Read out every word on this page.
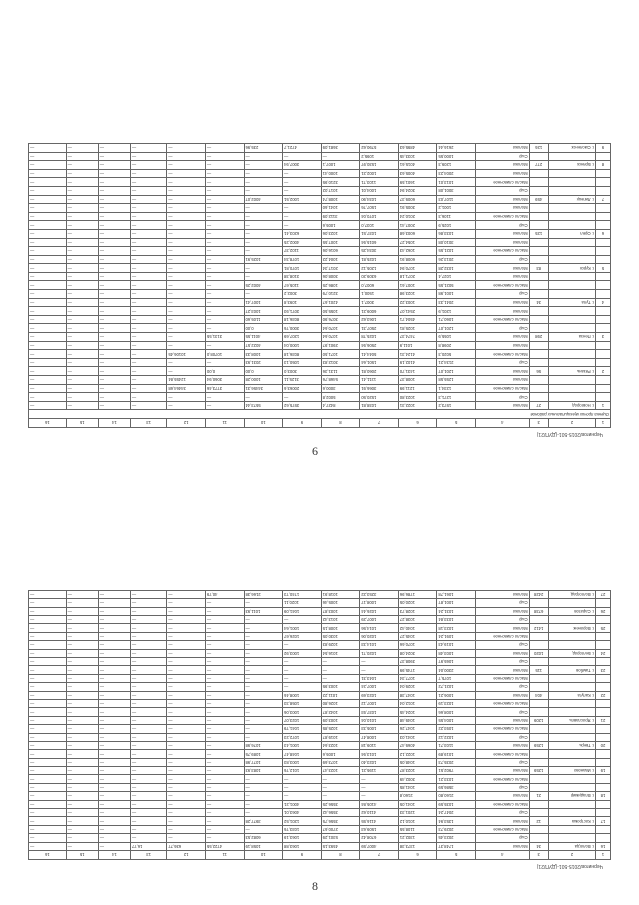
Чернигов/2015-501-(ДУП/21)
1	2	3	4	5	6	7	8	9	10	11	12	13	14	15	16
Оценка прочих муниципальных районов															
1	г. Новгород	27	Молоко	1573,2	1022,31	1038,81	8427,4	3575,62	5573,44	—	—	—	—	—	—
			Сыр	1271,3	1023,80	1520,50	5002,8	—	—	—	—	—	—	—	—
			Масло сливочное	1234,1	1211,99	3066,91	3000,6	20063,6	34456,31	3773,46	34464,68	—	—	—	—
			Молоко	1255,58	1008,37	1211,41	5468,76	3125,11	1000,28	3060,94	12455,84	—	—	—	—
2	г. Рязань	56	Молоко	1201,07	1431,70	2060,81	1131,36	3003,0	0,00	0,00	—	—	—	—	—
			Сыр	2134,21	4102,19	1501,64	3012,83	1050,13	2031,93	—	—	—	—	—	—
			Масло сливочное	5020,3	4124,31	5044,41	1071,50	8036,18	1008,33	10708,0	10106,45	—	—	—	—
			Молоко	2098,8	1011,9	2506,94	2901,97	1000,04	4022,57	—	—	—	—	—	—
3	г. Пенза	298	Молоко	1055,9	7474,37	1025,78	1070,64	1207,69	4011,55	3131,55	—	—	—	—	—
			Сыр	1201,07	1025,81	2507,31	1070,64	3000,76	0,00	—	—	—	—	—	—
			Масло сливочное	1060,71	4504,71	1063,62	3076,90	8036,18	1105,60	—	—	—	—	—	—
			Молоко	1201,9	2541,07	6009,21	1055,50	3071,93	1003,27	—	—	—	—	—	—
4	г. Тула	34	Молоко	2041,33	1003,22	3007,1	4201,67	1093,8	1007,41	—	—	—	—	—	—
			Сыр	1001,98	1023,98	1500,1	3210,79	3002,2	—	—	—	—	—	—	—
			Масло сливочное	5021,55	1007,61	6007,0	1086,25	1105,67	4002,25	—	—	—	—	—	—
			Молоко	1027,4	2071,18	6309,20	3008,06	3108,38	—	—	—	—	—	—	—
5	г. Курск	83	Молоко	1032,28	1070,94	1205,12	2017,34	1070,81	—	—	—	—	—	—	—
			Сыр	2013,26	6008,91	1025,81	1004,22	1078,34	1025,91	—	—	—	—	—	—
			Масло сливочное	1021,55	1062,43	3034,25	6016,06	1102,37	—	—	—	—	—	—	—
			Молоко	3010,08	1054,27	6015,94	1007,55	4002,25	—	—	—	—	—	—	—
6	г. Орёл	125	Молоко	1033,86	6003,68	1037,51	1023,06	6203,41	—	—	—	—	—	—	—
			Сыр	1025,9	2007,41	1037,0	1005,6	—	—	—	—	—	—	—	—
			Масло сливочное	1106,3	2010,24	1070,04	3112,09	—	—	—	—	—	—	—	—
			Молоко	1001,2	3005,91	1507,76	1041,60	—	—	—	—	—	—	—	—
7	г. Липецк	459	Молоко	1107,03	6009,37	1034,90	1008,74	1002,51	4002,07	—	—	—	—	—	—
			Сыр	3001,08	3024,94	1004,01	1017,02	—	—	—	—	—	—	—	—
			Масло сливочное	1013,01	1601,59	1103,71	3210,95	—	—	—	—	—	—	—	—
			Молоко	2004,23	4005,63	1002,21	1000,41	—	—	—	—	—	—	—	—
8	г. Брянск	277	Молоко	1209,3	4015,61	1530,97	1007,1	3007,94	—	—	—	—	—	—	—
			Сыр	1000,55	1033,45	1095,2	—	—	—	—	—	—	—	—	—
9	г. Смоленск	126	Молоко	2616,44	4895,63	5790,62	3681,09	4721,7	235,96	—	—	—	—	—	—
6
Чернигов/2015-501-(ДУП/21)
1	2	3	4	5	6	7	8	9	10	11	12	13	14	15	16
16	г. Вологда	34	Молоко	1748,37	1373,38	4007,59	4593,15	1063,88	1058,19	4722,55	636,77	16,77	—	—	—
			Сыр	2023,45	1302,21	6708,42	5301,29	1063,19	6082,53	—	—	—	—	—	—
			Масло сливочное	2029,73	1108,55	1509,63	2700,67	1033,76	—	—	—	—	—	—	—
17	г. Кострома	12	Молоко	1353,94	1010,12	4116,55	3556,75	1201,52	3977,28	—	—	—	—	—	—
			Сыр	2047,24	1201,33	4110,62	3556,42	4063,01	—	—	—	—	—	—	—
			Масло сливочное	1035,59	1041,05	4105,84	3556,25	4001,21	—	—	—	—	—	—	—
18	г. Владимир	21	Молоко	2160,80	2160,8	—	—	—	—	—	—	—	—	—	—
			Сыр	3586,59	1041,85	—	—	—	—	—	—	—	—	—	—
			Масло сливочное	1033,21	3002,49	—	—	—	—	—	—	—	—	—	—
19	г. Иваново	1259	Молоко	7902,51	1023,87	1195,21	1023,47	1012,76	1083,93	—	—	—	—	—	—
			Сыр	2035,73	1048,05	1023,40	1073,69	1003,83	1077,98	—	—	—	—	—	—
			Масло сливочное	1019,89	1022,12	1013,94	1005,6	1048,47	1089,75	—	—	—	—	—	—
20	г. Тверь	1259	Молоко	1103,71	4069,47	1109,18	1023,64	1001,43	1076,98	—	—	—	—	—	—
			Сыр	1022,12	1041,03	1008,47	1019,87	1072,23	—	—	—	—	—	—	—
			Масло сливочное	1093,22	1047,26	1005,33	1025,85	1041,79	—	—	—	—	—	—	—
21	г. Ярославль	1209	Молоко	1004,55	1049,48	1010,04	1003,09	1023,07	—	—	—	—	—	—	—
			Сыр	1008,66	1024,45	1037,93	1042,87	1003,06	—	—	—	—	—	—	—
			Масло сливочное	1023,19	1012,04	1007,12	1026,80	1058,33	—	—	—	—	—	—	—
22	г. Калуга	404	Молоко	1006,21	1047,38	1023,69	1011,22	1008,46	—	—	—	—	—	—	—
			Сыр	1021,72	1029,04	1007,24	1003,95	—	—	—	—	—	—	—	—
			Масло сливочное	1075,7	1077,34	1043,31	—	—	—	—	—	—	—	—	—
23	г. Тамбов	115	Молоко	2300,04	1745,99	—	—	—	—	—	—	—	—	—	—
			Сыр	1065,97	3908,37	—	—	—	—	—	—	—	—	—	—
24	г. Белгород	1020	Молоко	1003,48	3024,08	1020,71	1016,54	1003,92	—	—	—	—	—	—	—
			Сыр	1019,43	1070,66	1014,33	1029,83	—	—	—	—	—	—	—	—
			Масло сливочное	1091,24	1045,27	1020,06	1030,05	1026,67	—	—	—	—	—	—	—
25	г. Воронеж	1412	Молоко	1023,18	1040,42	1014,56	1008,15	1001,64	—	—	—	—	—	—	—
			Сыр	1033,84	1038,27	1007,29	1013,42	—	—	—	—	—	—	—	—
26	г. Саратов	6738	Молоко	1031,24	1028,73	1026,44	1003,87	1041,09	1011,93	—	—	—	—	—	—
			Сыр	1001,87	1020,05	1008,17	1005,46	1020,11	—	—	—	—	—	—	—
27	г. Волгоград	2428	Молоко	1061,78	1786,96	3253,22	1018,91	1740,73	2166,38	40,79	—	—	—	—	—
8
